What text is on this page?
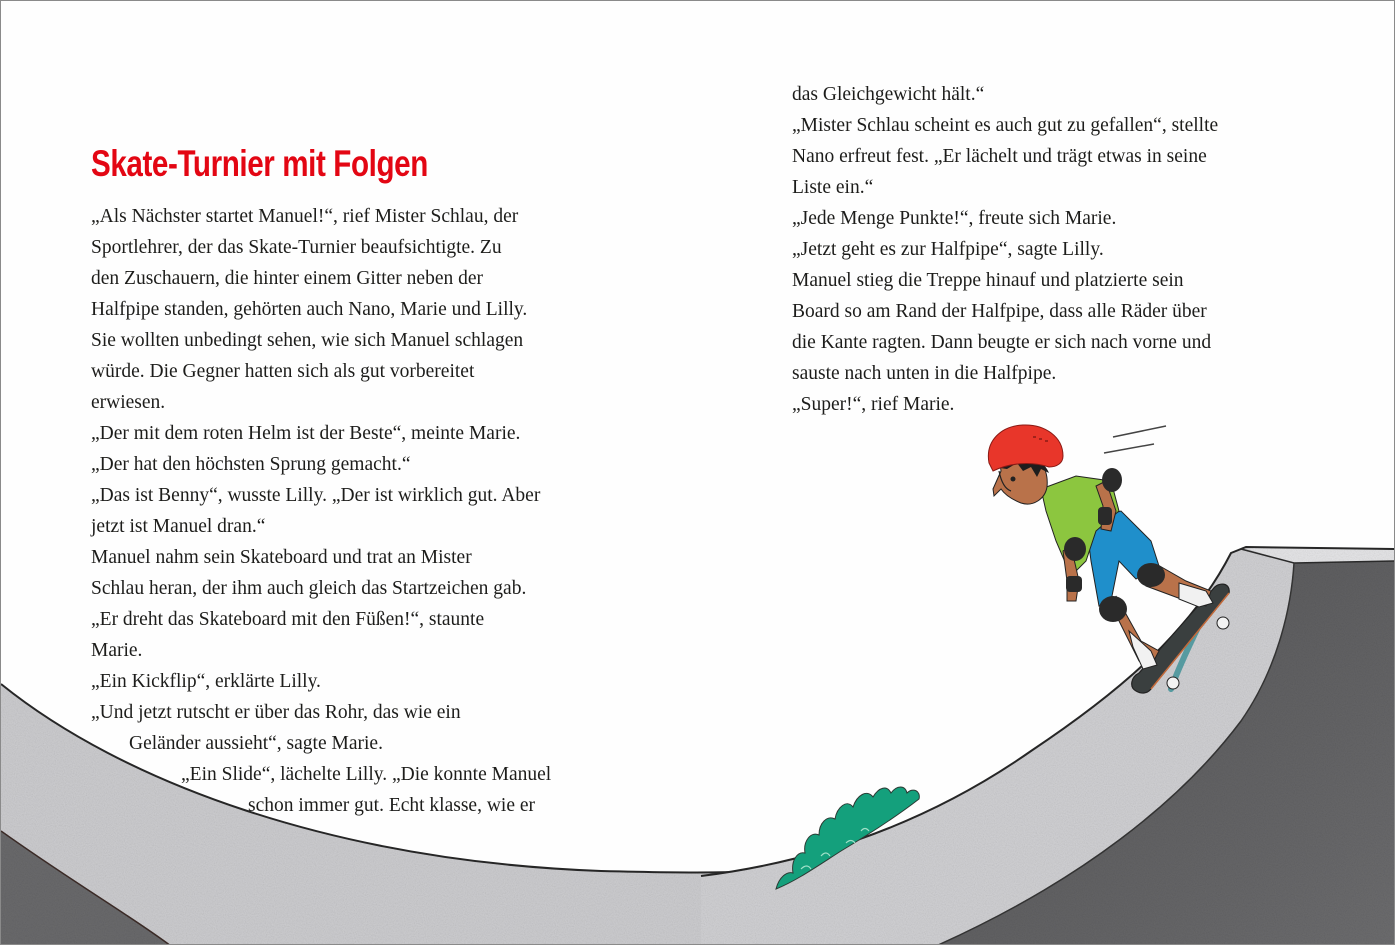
Skate-Turnier mit Folgen
„Als Nächster startet Manuel!“, rief Mister Schlau, der
Sportlehrer, der das Skate-Turnier beaufsichtigte. Zu
den Zuschauern, die hinter einem Gitter neben der
Halfpipe standen, gehörten auch Nano, Marie und Lilly.
Sie wollten unbedingt sehen, wie sich Manuel schlagen
würde. Die Gegner hatten sich als gut vorbereitet
erwiesen.
„Der mit dem roten Helm ist der Beste“, meinte Marie.
„Der hat den höchsten Sprung gemacht.“
„Das ist Benny“, wusste Lilly. „Der ist wirklich gut. Aber
jetzt ist Manuel dran.“
Manuel nahm sein Skateboard und trat an Mister
Schlau heran, der ihm auch gleich das Startzeichen gab.
„Er dreht das Skateboard mit den Füßen!“, staunte
Marie.
„Ein Kickflip“, erklärte Lilly.
„Und jetzt rutscht er über das Rohr, das wie ein
Geländer aussieht“, sagte Marie.
„Ein Slide“, lächelte Lilly. „Die konnte Manuel
schon immer gut. Echt klasse, wie er
das Gleichgewicht hält.“
„Mister Schlau scheint es auch gut zu gefallen“, stellte
Nano erfreut fest. „Er lächelt und trägt etwas in seine
Liste ein.“
„Jede Menge Punkte!“, freute sich Marie.
„Jetzt geht es zur Halfpipe“, sagte Lilly.
Manuel stieg die Treppe hinauf und platzierte sein
Board so am Rand der Halfpipe, dass alle Räder über
die Kante ragten. Dann beugte er sich nach vorne und
sauste nach unten in die Halfpipe.
„Super!“, rief Marie.
